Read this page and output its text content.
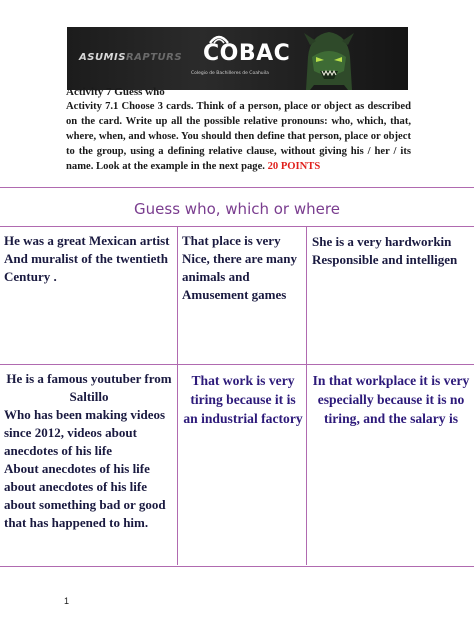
ASUMISRAPTURS COBAC
Colegio de Bachilleres de Coahuila
Activity 7 Guess who
Activity 7.1 Choose 3 cards. Think of a person, place or object as described on the card. Write up all the possible relative pronouns: who, which, that, where, when, and whose. You should then define that person, place or object to the group, using a defining relative clause, without giving his / her / its name. Look at the example in the next page. 20 POINTS
Guess who, which or where
He was a great Mexican artist
And muralist of the twentieth
Century .
That place is very
Nice, there are many
animals and
Amusement games
She is a very hardworkin
Responsible and intelligen
He is a famous youtuber from
Saltillo
Who has been making videos
since 2012, videos about
anecdotes of his life
About anecdotes of his life
about anecdotes of his life
about something bad or good
that has happened to him.
That work is very
tiring because it is
an industrial factory
In that workplace it is very
especially because it is no
tiring, and the salary is
1
